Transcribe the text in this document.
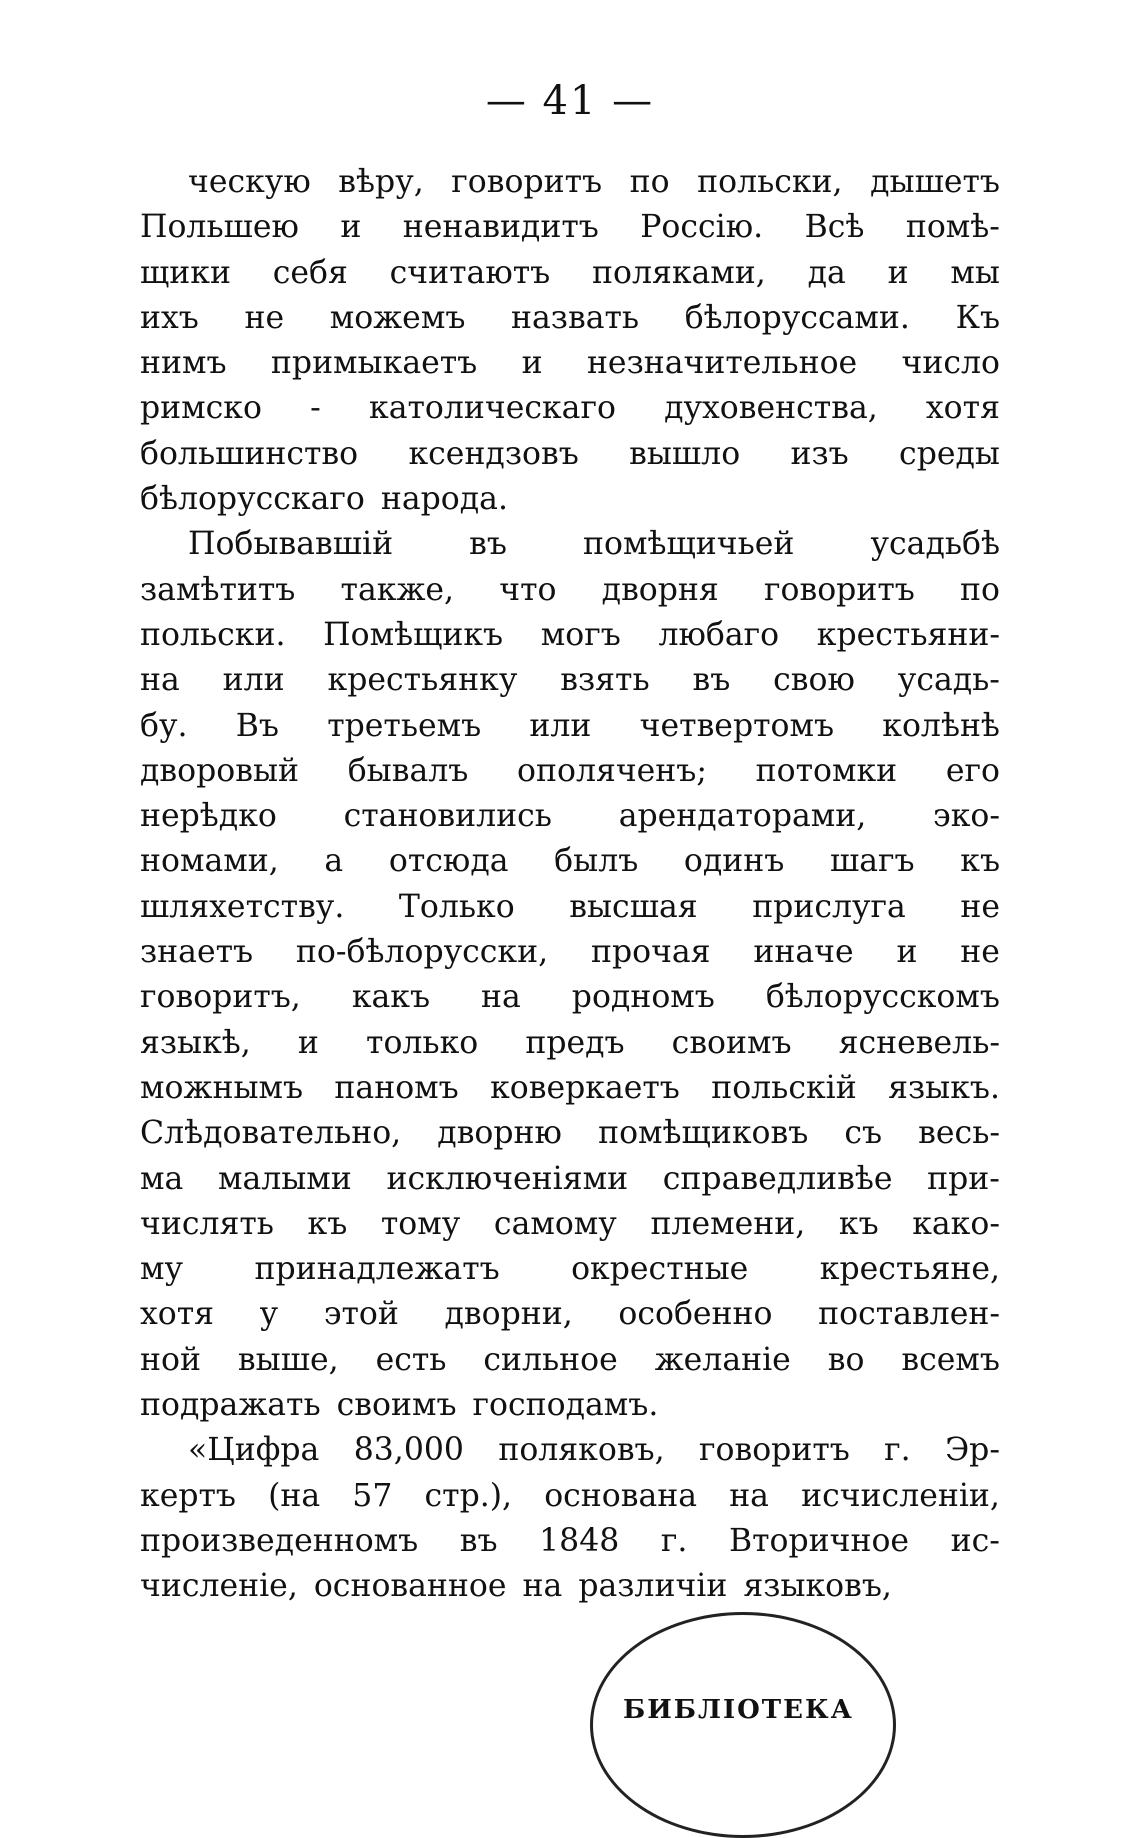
— 41 —
ческую вѣру, говоритъ по польски, дышетъ
Польшею и ненавидитъ Россію. Всѣ помѣ-
щики себя считаютъ поляками, да и мы
ихъ не можемъ назвать бѣлоруссами. Къ
нимъ примыкаетъ и незначительное число
римско - католическаго духовенства, хотя
большинство ксендзовъ вышло изъ среды
бѣлорусскаго народа.
Побывавшій въ помѣщичьей усадьбѣ
замѣтитъ также, что дворня говоритъ по
польски. Помѣщикъ могъ любаго крестьяни-
на или крестьянку взять въ свою усадь-
бу. Въ третьемъ или четвертомъ колѣнѣ
дворовый бывалъ ополяченъ; потомки его
нерѣдко становились арендаторами, эко-
номами, а отсюда былъ одинъ шагъ къ
шляхетству. Только высшая прислуга не
знаетъ по-бѣлорусски, прочая иначе и не
говоритъ, какъ на родномъ бѣлорусскомъ
языкѣ, и только предъ своимъ ясневель-
можнымъ паномъ коверкаетъ польскій языкъ.
Слѣдовательно, дворню помѣщиковъ съ весь-
ма малыми исключеніями справедливѣе при-
числять къ тому самому племени, къ како-
му принадлежатъ окрестные крестьяне,
хотя у этой дворни, особенно поставлен-
ной выше, есть сильное желаніе во всемъ
подражать своимъ господамъ.
«Цифра 83,000 поляковъ, говоритъ г. Эр-
кертъ (на 57 стр.), основана на исчисленіи,
произведенномъ въ 1848 г. Вторичное ис-
численіе, основанное на различіи языковъ,
БИБЛІОТЕКА
